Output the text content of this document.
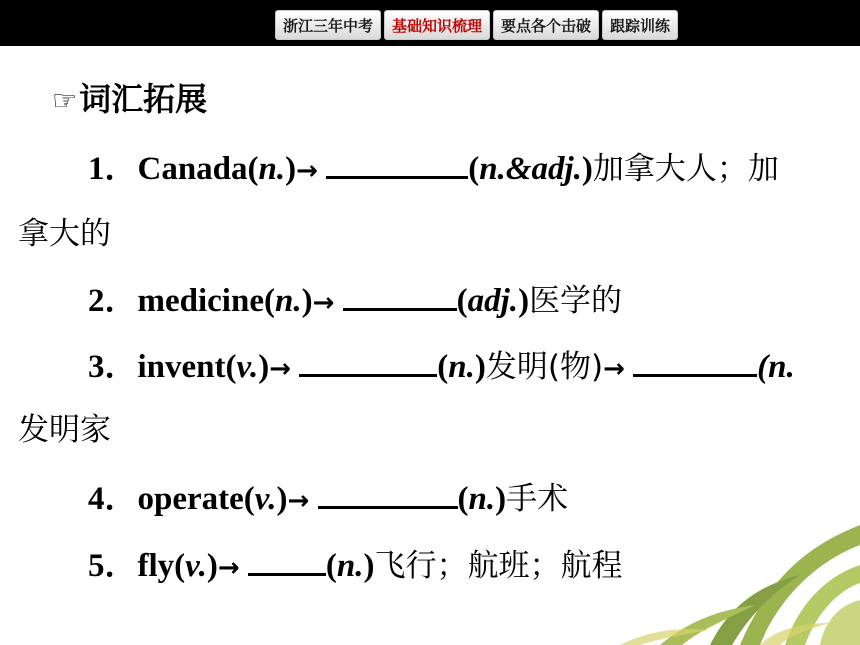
浙江三年中考	基础知识梳理	要点各个击破	跟踪训练
☞词汇拓展
1．Canada(n.)→	(n.&adj.)加拿大人；加
拿大的
2．medicine(n.)→	(adj.)医学的
3．invent(v.)→	(n.)发明(物)→	(n.
发明家
4．operate(v.)→	(n.)手术
5．fly(v.)→	(n.)飞行；航班；航程
